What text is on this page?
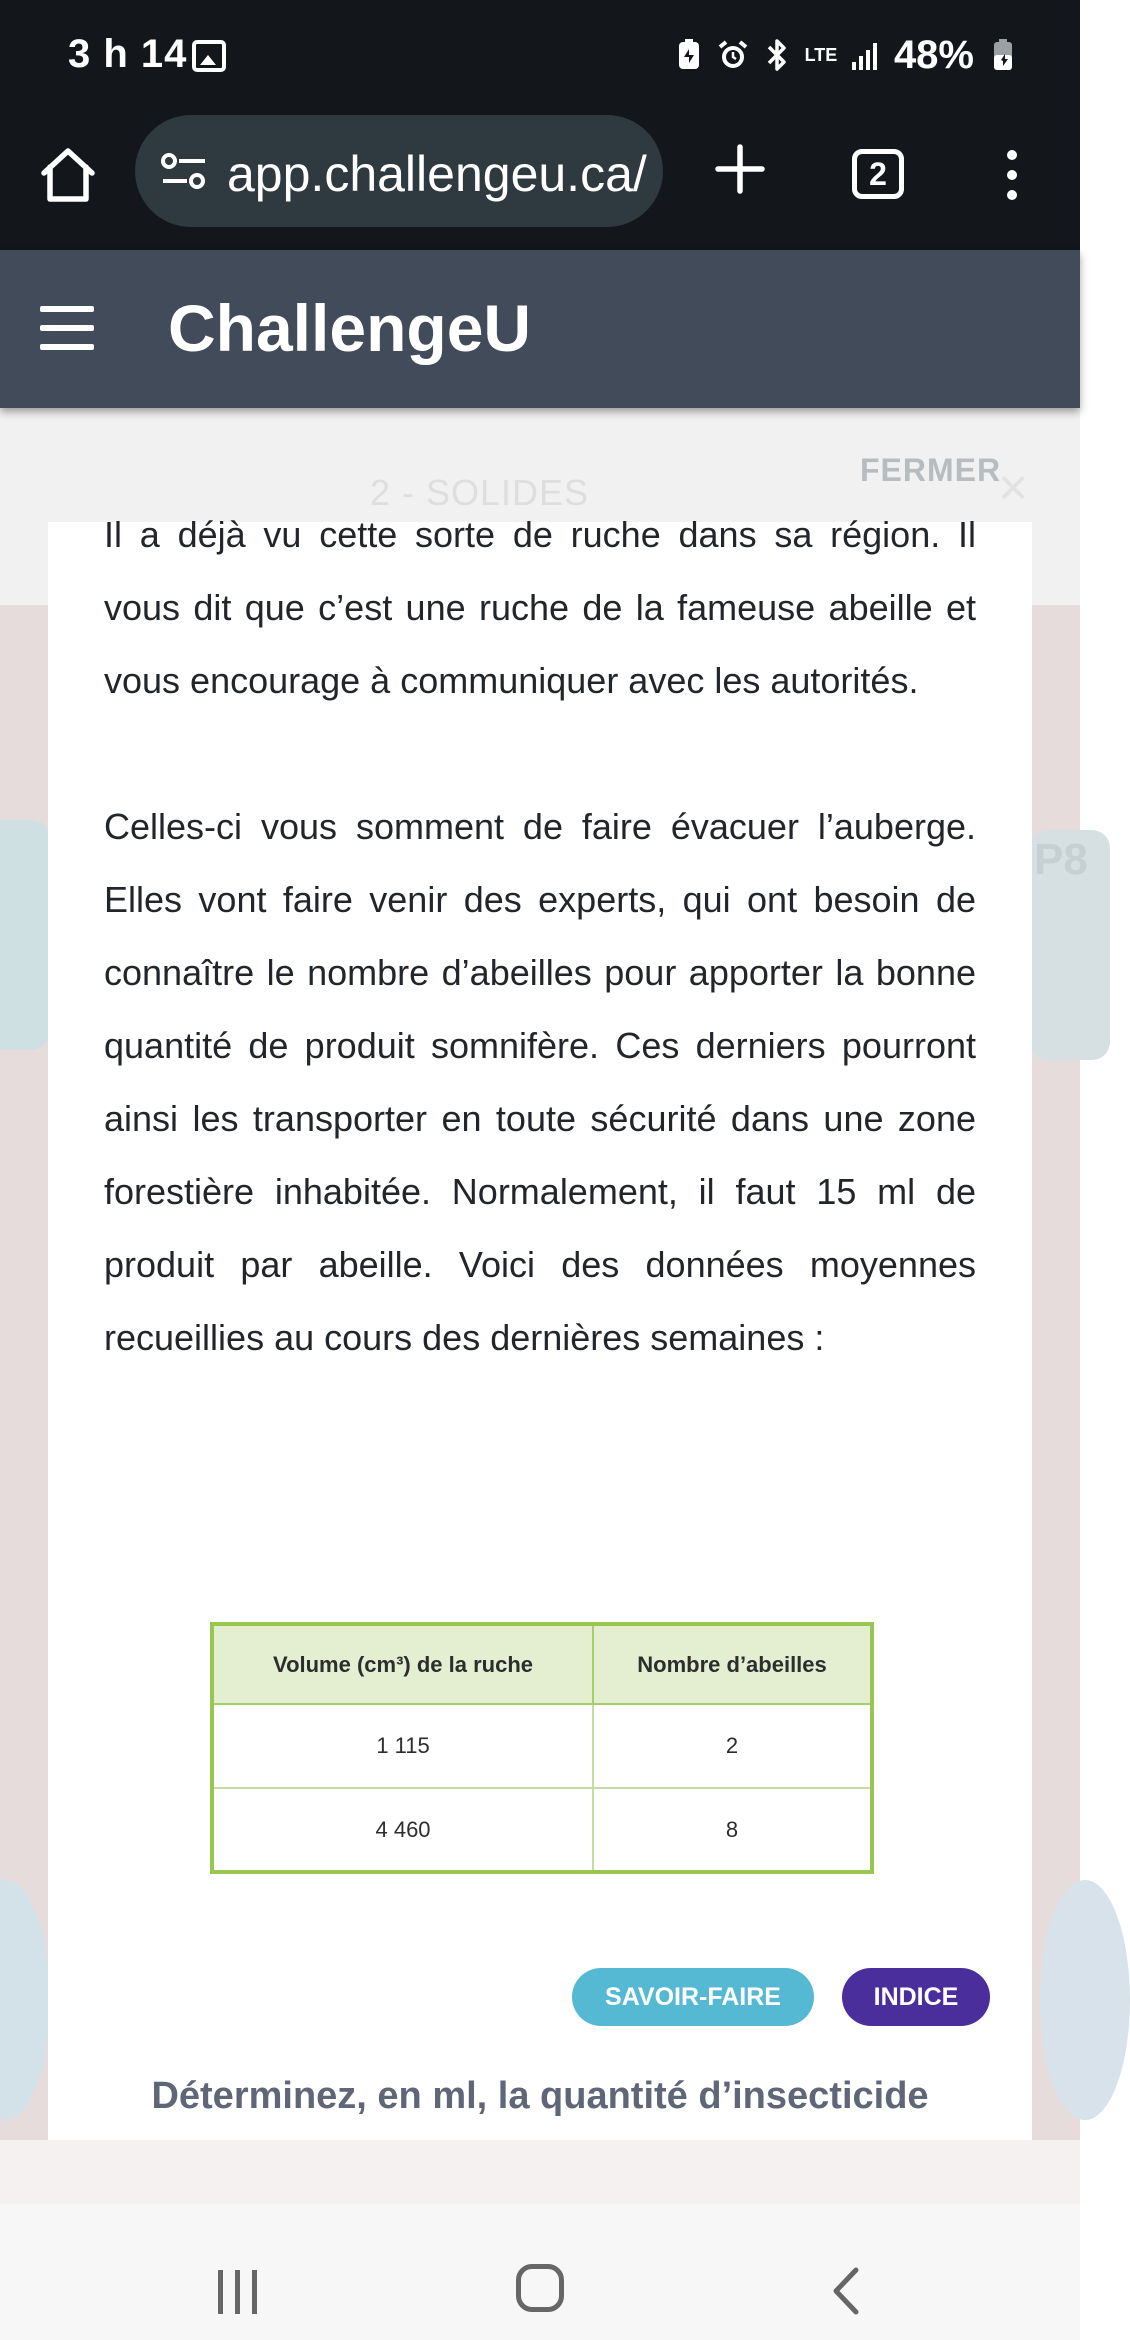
3 h 14	LTE 48%
app.challengeu.ca/	2
ChallengeU
P8
2 - SOLIDES
FERMER
×

Il a déjà vu cette sorte de ruche dans sa région. Il vous dit que c’est une ruche de la fameuse abeille et vous encourage à communiquer avec les autorités.

Celles-ci vous somment de faire évacuer l’auberge. Elles vont faire venir des experts, qui ont besoin de connaître le nombre d’abeilles pour apporter la bonne quantité de produit somnifère. Ces derniers pourront ainsi les transporter en toute sécurité dans une zone forestière inhabitée. Normalement, il faut 15 ml de produit par abeille. Voici des données moyennes recueillies au cours des dernières semaines :

Volume (cm³) de la ruche	Nombre d’abeilles
1 115	2
4 460	8
SAVOIR-FAIRE	INDICE
Déterminez, en ml, la quantité d’insecticide
